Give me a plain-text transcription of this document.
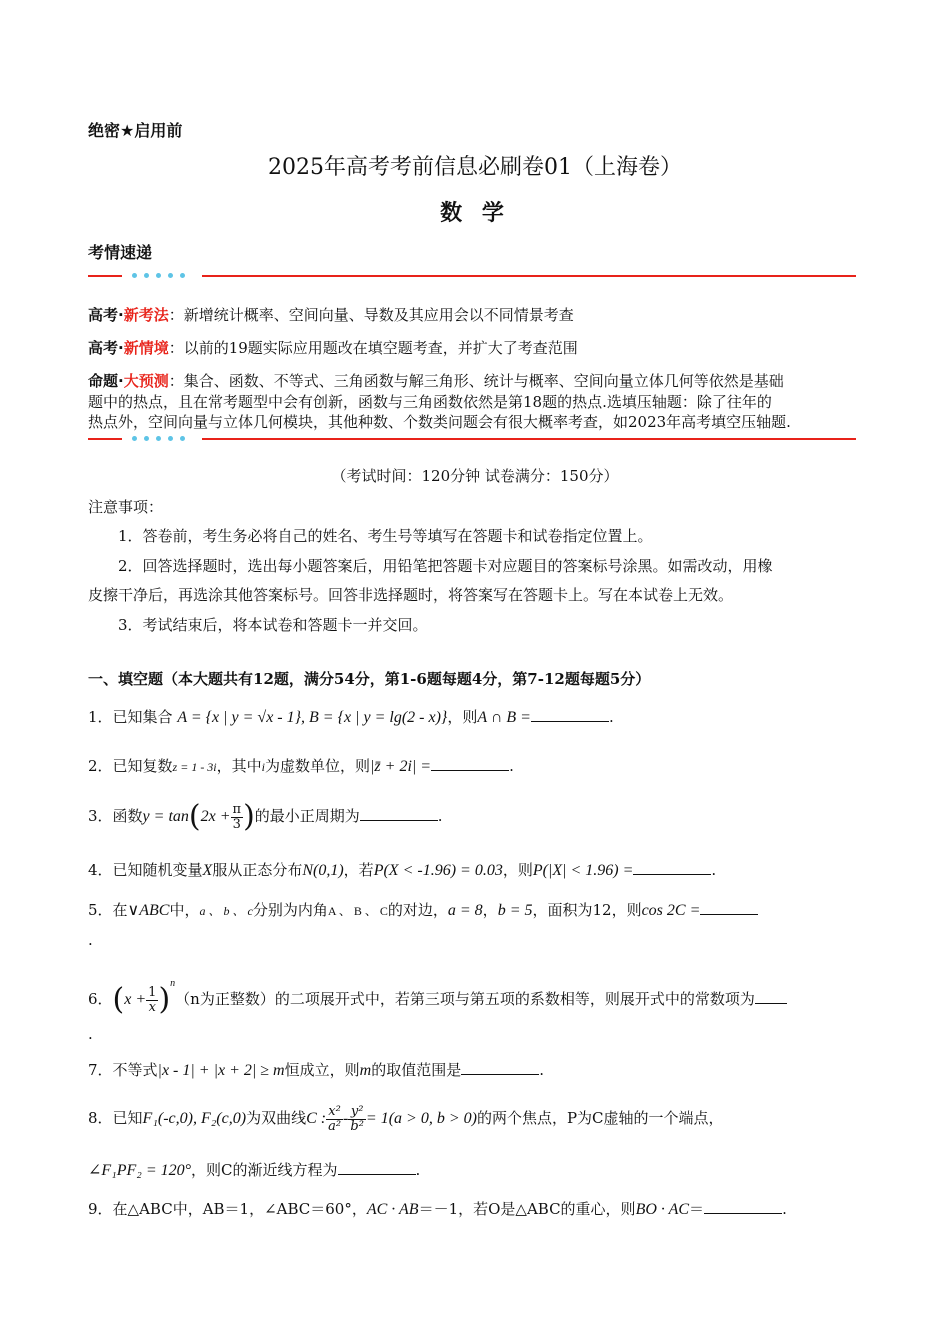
绝密★启用前
2025年高考考前信息必刷卷01（上海卷）
数 学
考情速递
高考·新考法：新增统计概率、空间向量、导数及其应用会以不同情景考查
高考·新情境：以前的19题实际应用题改在填空题考查，并扩大了考查范围
命题·大预测：集合、函数、不等式、三角函数与解三角形、统计与概率、空间向量立体几何等依然是基础
题中的热点，且在常考题型中会有创新，函数与三角函数依然是第18题的热点.选填压轴题：除了往年的
热点外，空间向量与立体几何模块，其他种数、个数类问题会有很大概率考查，如2023年高考填空压轴题.
（考试时间：120分钟 试卷满分：150分）
注意事项：
1．答卷前，考生务必将自己的姓名、考生号等填写在答题卡和试卷指定位置上。
2．回答选择题时，选出每小题答案后，用铅笔把答题卡对应题目的答案标号涂黑。如需改动，用橡
皮擦干净后，再选涂其他答案标号。回答非选择题时，将答案写在答题卡上。写在本试卷上无效。
3．考试结束后，将本试卷和答题卡一并交回。
一、填空题（本大题共有12题，满分54分，第1-6题每题4分，第7-12题每题5分）
1．已知集合 A = {x | y = √x - 1}, B = {x | y = lg(2 - x)}，则A ∩ B =	.
2．已知复数z = 1 - 3i，其中i为虚数单位，则|z̄ + 2i| =	.
3．函数$y = \tan(2x + \frac{\pi}{3}$ )的最小正周期为	.
4．已知随机变量X服从正态分布N(0,1)，若P(X < -1.96) = 0.03，则P(|X| < 1.96) =	.
5．在∨ABC中，a 、 b 、 c分别为内角A 、 B 、 C的对边，a = 8，b = 5，面积为12，则cos 2C =
.
6．$(x + \frac{1}{x} )^n(n$为正整数）的二项展开式中，若第三项与第五项的系数相等，则展开式中的常数项为
.
7．不等式|x - 1| + |x + 2| ≥ m恒成立，则m的取值范围是	.
8．已知F₁(-c,0), F₂(c,0)为双曲线C : $\frac{\text{x²}}{\text{a²}} - \frac{\text{y²}}{\text{b²}} = 1(a > 0$, b > 0)的两个焦点，P为C虚轴的一个端点，
∠F₁PF₂ = 120°，则C的渐近线方程为	.
9．在△ABC中，AB＝1，∠ABC＝60°，AC · AB＝－1，若O是△ABC的重心，则BO · AC＝	.
